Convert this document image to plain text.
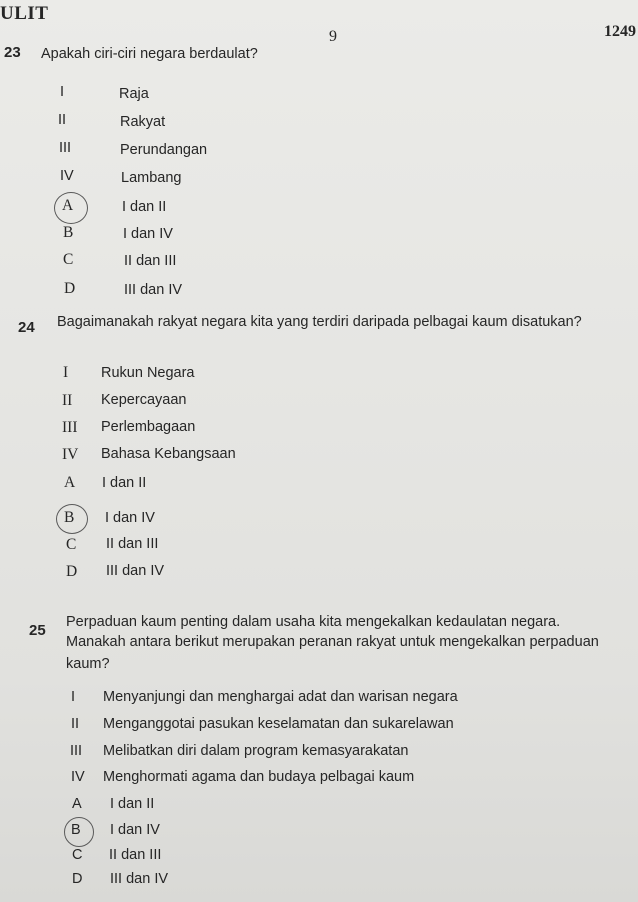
ULIT
9	1249
23 Apakah ciri-ciri negara berdaulat?
I	Raja
II	Rakyat
III	Perundangan
IV	Lambang
A	I dan II
B	I dan IV
C	II dan III
D	III dan IV
24 Bagaimanakah rakyat negara kita yang terdiri daripada pelbagai kaum disatukan?
I Rukun Negara
II Kepercayaan
III Perlembagaan
IV Bahasa Kebangsaan
A I dan II
B I dan IV
C II dan III
D III dan IV
25 Perpaduan kaum penting dalam usaha kita mengekalkan kedaulatan negara.
Manakah antara berikut merupakan peranan rakyat untuk mengekalkan perpaduan
kaum?
I Menyanjungi dan menghargai adat dan warisan negara
II Menganggotai pasukan keselamatan dan sukarelawan
III Melibatkan diri dalam program kemasyarakatan
IV Menghormati agama dan budaya pelbagai kaum
A I dan II
B I dan IV
C II dan III
D III dan IV
